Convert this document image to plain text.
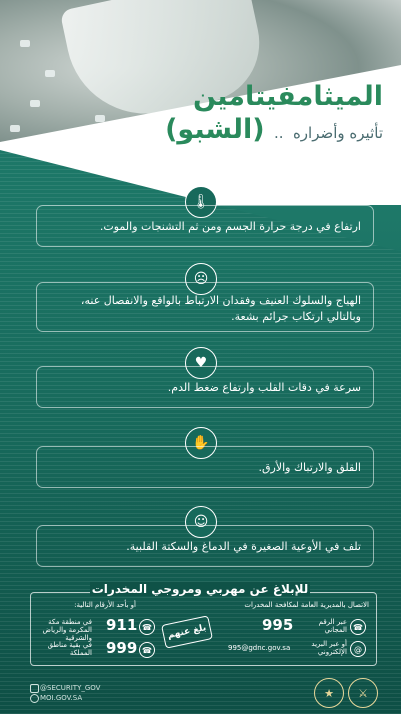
الميثامفيتامين
تأثيره وأضراره .. (الشبو)
🌡
ارتفاع في درجة حرارة الجسم ومن ثم التشنجات والموت.
☹
الهياج والسلوك العنيف وفقدان الارتباط بالواقع والانفصال عنه، وبالتالي ارتكاب جرائم بشعة.
♥
سرعة في دقات القلب وارتفاع ضغط الدم.
✋
القلق والارتباك والأرق.
☺
تلف في الأوعية الصغيرة في الدماغ والسكتة القلبية.
للإبلاغ عن مهربي ومروجي المخدرات
الاتصال بالمديرية العامة لمكافحة المخدرات
أو بأحد الأرقام التالية:
☎
عبر الرقم المجاني
995
@
أو عبر البريد الإلكتروني
995@gdnc.gov.sa
بلغ عنهم
في منطقة مكة المكرمة والرياض والشرقية
911 ☎
في بقية مناطق المملكة 999 ☎
@SECURITY_GOV
MOI.GOV.SA	★	⚔
